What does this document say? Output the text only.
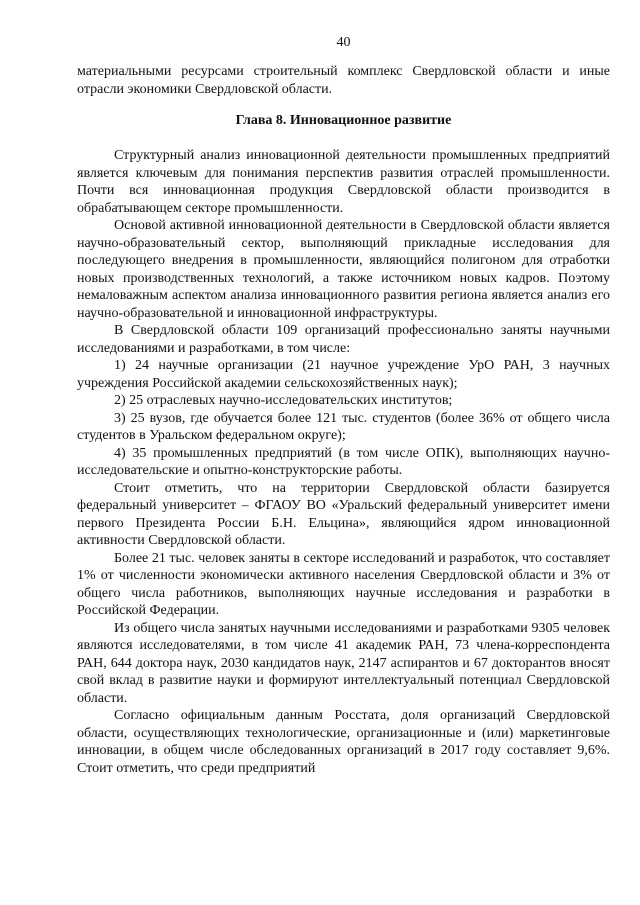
40

материальными ресурсами строительный комплекс Свердловской области и иные отрасли экономики Свердловской области.

Глава 8. Инновационное развитие

Структурный анализ инновационной деятельности промышленных предприятий является ключевым для понимания перспектив развития отраслей промышленности. Почти вся инновационная продукция Свердловской области производится в обрабатывающем секторе промышленности.

Основой активной инновационной деятельности в Свердловской области является научно-образовательный сектор, выполняющий прикладные исследования для последующего внедрения в промышленности, являющийся полигоном для отработки новых производственных технологий, а также источником новых кадров. Поэтому немаловажным аспектом анализа инновационного развития региона является анализ его научно-образовательной и инновационной инфраструктуры.

В Свердловской области 109 организаций профессионально заняты научными исследованиями и разработками, в том числе:

1) 24 научные организации (21 научное учреждение УрО РАН, 3 научных учреждения Российской академии сельскохозяйственных наук);

2) 25 отраслевых научно-исследовательских институтов;

3) 25 вузов, где обучается более 121 тыс. студентов (более 36% от общего числа студентов в Уральском федеральном округе);

4) 35 промышленных предприятий (в том числе ОПК), выполняющих научно-исследовательские и опытно-конструкторские работы.

Стоит отметить, что на территории Свердловской области базируется федеральный университет – ФГАОУ ВО «Уральский федеральный университет имени первого Президента России Б.Н. Ельцина», являющийся ядром инновационной активности Свердловской области.

Более 21 тыс. человек заняты в секторе исследований и разработок, что составляет 1% от численности экономически активного населения Свердловской области и 3% от общего числа работников, выполняющих научные исследования и разработки в Российской Федерации.

Из общего числа занятых научными исследованиями и разработками 9305 человек являются исследователями, в том числе 41 академик РАН, 73 члена-корреспондента РАН, 644 доктора наук, 2030 кандидатов наук, 2147 аспирантов и 67 докторантов вносят свой вклад в развитие науки и формируют интеллектуальный потенциал Свердловской области.

Согласно официальным данным Росстата, доля организаций Свердловской области, осуществляющих технологические, организационные и (или) маркетинговые инновации, в общем числе обследованных организаций в 2017 году составляет 9,6%. Стоит отметить, что среди предприятий
